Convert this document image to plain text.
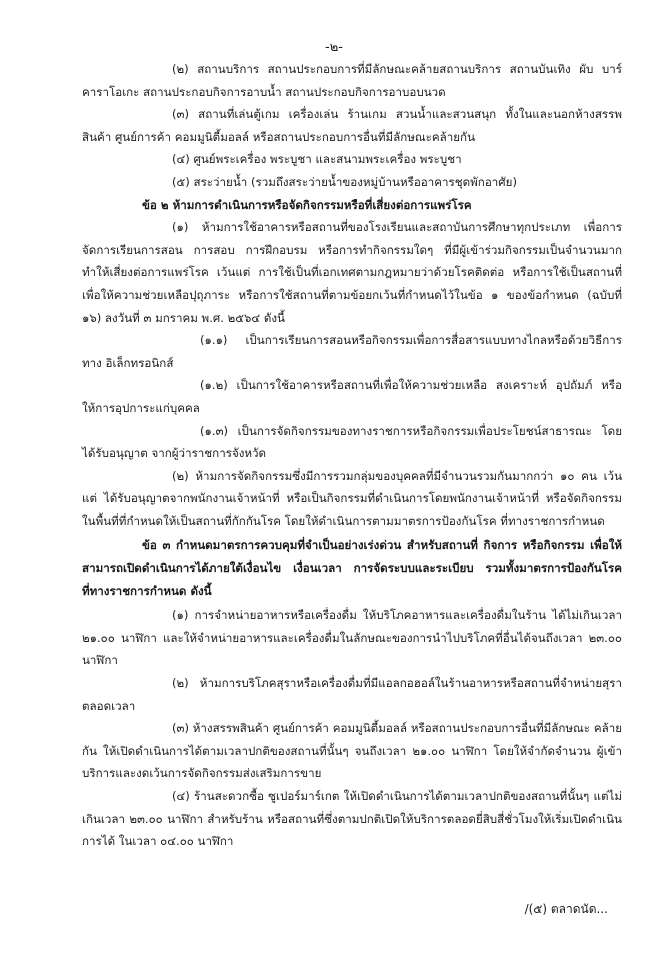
-๒-

(๒) สถานบริการ สถานประกอบการที่มีลักษณะคล้ายสถานบริการ สถานบันเทิง ผับ บาร์ คาราโอเกะ สถานประกอบกิจการอาบน้ำ สถานประกอบกิจการอาบอบนวด

(๓) สถานที่เล่นตู้เกม เครื่องเล่น ร้านเกม สวนน้ำและสวนสนุก ทั้งในและนอกห้างสรรพสินค้า ศูนย์การค้า คอมมูนิตี้มอลล์ หรือสถานประกอบการอื่นที่มีลักษณะคล้ายกัน

(๔) ศูนย์พระเครื่อง พระบูชา และสนามพระเครื่อง พระบูชา

(๕) สระว่ายน้ำ (รวมถึงสระว่ายน้ำของหมู่บ้านหรืออาคารชุดพักอาศัย)

ข้อ ๒ ห้ามการดำเนินการหรือจัดกิจกรรมหรือที่เสี่ยงต่อการแพร่โรค

(๑) ห้ามการใช้อาคารหรือสถานที่ของโรงเรียนและสถาบันการศึกษาทุกประเภท เพื่อการจัดการเรียนการสอน การสอบ การฝึกอบรม หรือการทำกิจกรรมใดๆ ที่มีผู้เข้าร่วมกิจกรรมเป็นจำนวนมาก ทำให้เสี่ยงต่อการแพร่โรค เว้นแต่ การใช้เป็นที่เอกเทศตามกฎหมายว่าด้วยโรคติดต่อ หรือการใช้เป็นสถานที่เพื่อให้ความช่วยเหลือปุถุภาระ หรือการใช้สถานที่ตามข้อยกเว้นที่กำหนดไว้ในข้อ ๑ ของข้อกำหนด (ฉบับที่ ๑๖) ลงวันที่ ๓ มกราคม พ.ศ. ๒๕๖๔ ดังนี้

(๑.๑) เป็นการเรียนการสอนหรือกิจกรรมเพื่อการสื่อสารแบบทางไกลหรือด้วยวิธีการทาง อิเล็กทรอนิกส์

(๑.๒) เป็นการใช้อาคารหรือสถานที่เพื่อให้ความช่วยเหลือ สงเคราะห์ อุปถัมภ์ หรือ ให้การอุปการะแก่บุคคล

(๑.๓) เป็นการจัดกิจกรรมของทางราชการหรือกิจกรรมเพื่อประโยชน์สาธารณะ โดยได้รับอนุญาต จากผู้ว่าราชการจังหวัด

(๒) ห้ามการจัดกิจกรรมซึ่งมีการรวมกลุ่มของบุคคลที่มีจำนวนรวมกันมากกว่า ๑๐ คน เว้นแต่ ได้รับอนุญาตจากพนักงานเจ้าหน้าที่ หรือเป็นกิจกรรมที่ดำเนินการโดยพนักงานเจ้าหน้าที่ หรือจัดกิจกรรมในพื้นที่ที่กำหนดให้เป็นสถานที่กักกันโรค โดยให้ดำเนินการตามมาตรการป้องกันโรค ที่ทางราชการกำหนด

ข้อ ๓ กำหนดมาตรการควบคุมที่จำเป็นอย่างเร่งด่วน สำหรับสถานที่ กิจการ หรือกิจกรรม เพื่อให้สามารถเปิดดำเนินการได้ภายใต้เงื่อนไข เงื่อนเวลา การจัดระบบและระเบียบ รวมทั้งมาตรการป้องกันโรคที่ทางราชการกำหนด ดังนี้

(๑) การจำหน่ายอาหารหรือเครื่องดื่ม ให้บริโภคอาหารและเครื่องดื่มในร้าน ได้ไม่เกินเวลา ๒๑.๐๐ นาฬิกา และให้จำหน่ายอาหารและเครื่องดื่มในลักษณะของการนำไปบริโภคที่อื่นได้จนถึงเวลา ๒๓.๐๐ นาฬิกา

(๒) ห้ามการบริโภคสุราหรือเครื่องดื่มที่มีแอลกอฮอล์ในร้านอาหารหรือสถานที่จำหน่ายสุรา ตลอดเวลา

(๓) ห้างสรรพสินค้า ศูนย์การค้า คอมมูนิตี้มอลล์ หรือสถานประกอบการอื่นที่มีลักษณะ คล้ายกัน ให้เปิดดำเนินการได้ตามเวลาปกติของสถานที่นั้นๆ จนถึงเวลา ๒๑.๐๐ นาฬิกา โดยให้จำกัดจำนวน ผู้เข้าบริการและงดเว้นการจัดกิจกรรมส่งเสริมการขาย

(๔) ร้านสะดวกซื้อ ซูเปอร์มาร์เกต ให้เปิดดำเนินการได้ตามเวลาปกติของสถานที่นั้นๆ แต่ไม่ เกินเวลา ๒๓.๐๐ นาฬิกา สำหรับร้าน หรือสถานที่ซึ่งตามปกติเปิดให้บริการตลอดยี่สิบสี่ชั่วโมงให้เริ่มเปิดดำเนินการได้ ในเวลา ๐๔.๐๐ นาฬิกา

/(๕) ตลาดนัด...
